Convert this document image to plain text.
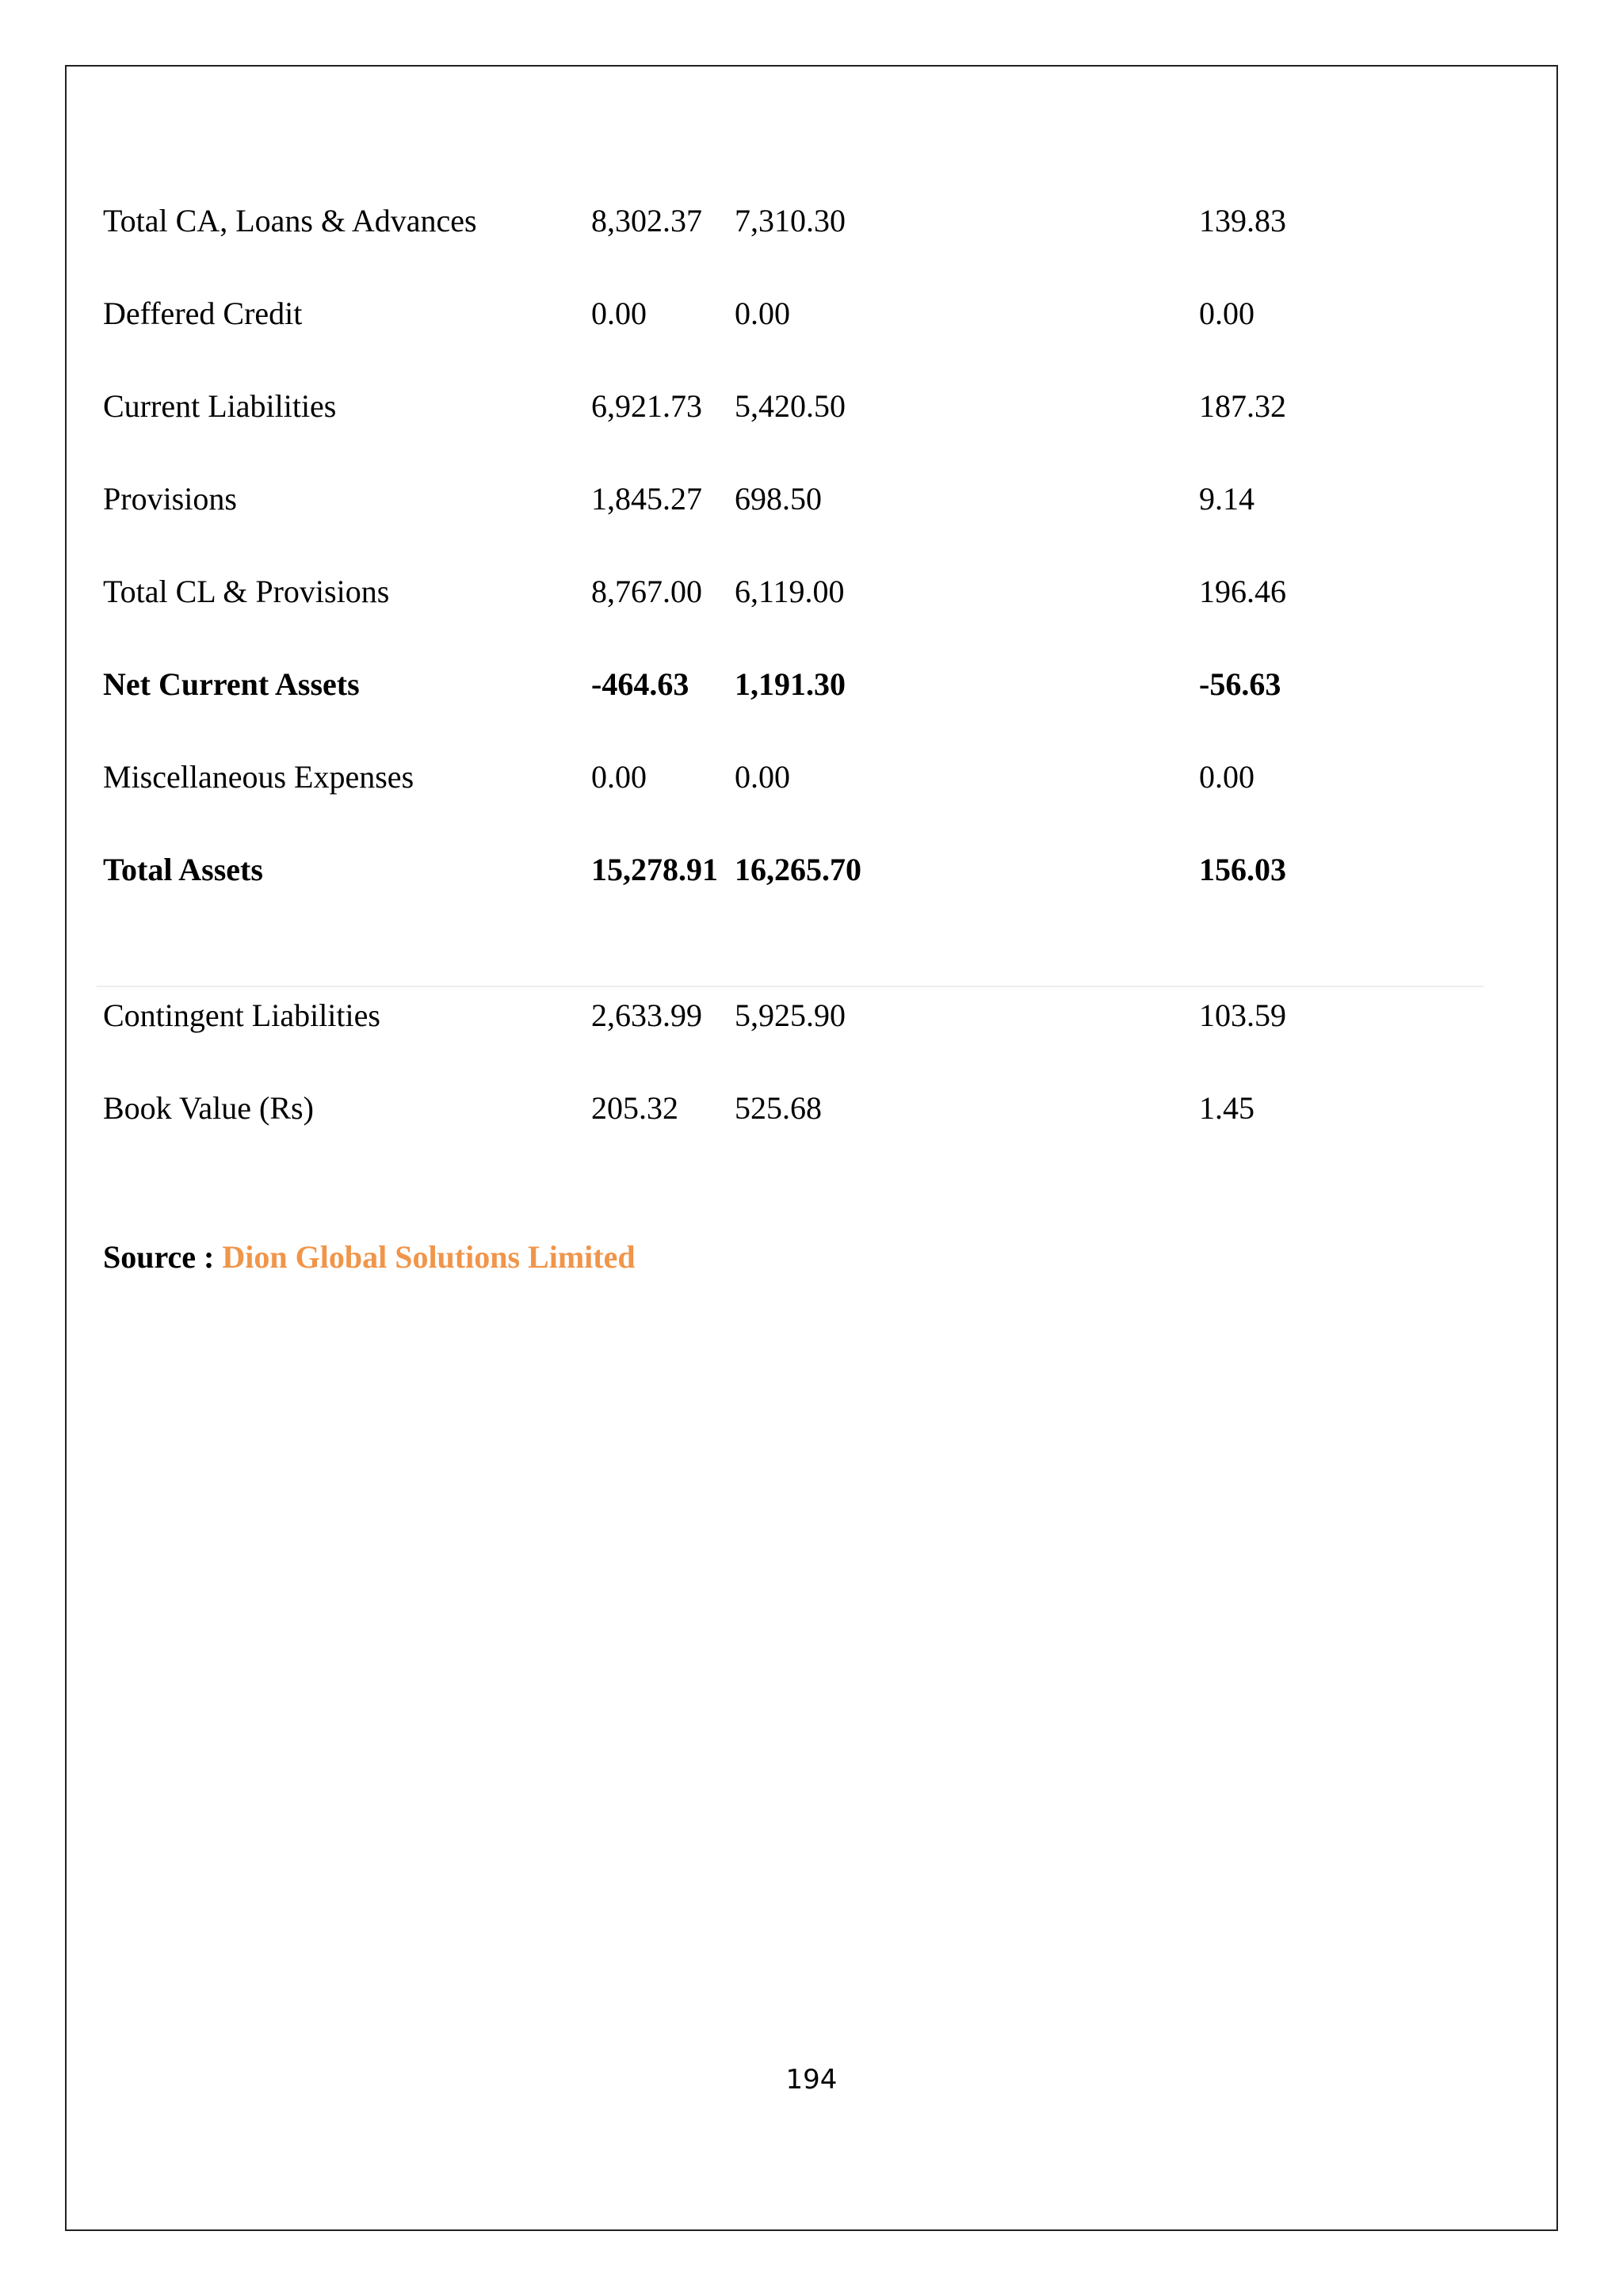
Total CA, Loans & Advances	8,302.37 7,310.30	139.83
Deffered Credit	0.00	0.00	0.00
Current Liabilities	6,921.73 5,420.50	187.32
Provisions	1,845.27 698.50	9.14
Total CL & Provisions	8,767.00 6,119.00	196.46
Net Current Assets	-464.63 1,191.30	-56.63
Miscellaneous Expenses	0.00	0.00	0.00
Total Assets	15,278.91 16,265.70	156.03
Contingent Liabilities	2,633.99 5,925.90	103.59
Book Value (Rs)	205.32 525.68	1.45
Source : Dion Global Solutions Limited
194
